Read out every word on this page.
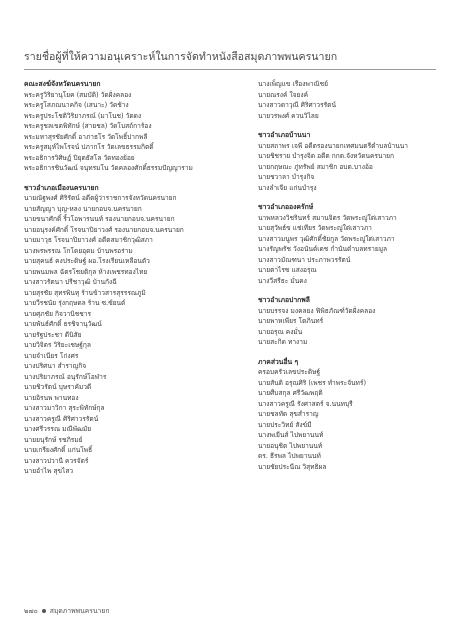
รายชื่อผู้ที่ให้ความอนุเคราะห์ในการจัดทำหนังสือสมุดภาพพนครนายก
คณะสงฆ์จังหวัดนครนายก
พระครูวิริยานุโยค (สมบัติ) วัดฝั่งคลอง
พระครูโสภณนาคกิจ (เสนาะ) วัดช้าง
พระครูประโชติวิริยาภรณ์ (มาโนช) วัดดง
พระครูชลเขตพิทักษ์ (สายชล) วัดโบสถ์การ้อง
พระมหาสุรชัยศักดิ์ อาภาธโร วัดโพธิ์ปากพลี
พระครูสมุห์ไพโรจน์ ปภากโร วัดเลขธรรมกิตติ์
พระอธิการวิศิษฏ์ ปิยุตธัสโล วัดทองย้อย
พระอธิการชินวัฒน์ จนุทรมโน วัดคลองศักดิ์ธรรมปัญญาราม
ชาวอำเภอเมืองนครนายก
นายณัฐพงศ์ ศิริรัตน์ อดีตผู้ว่าราชการจังหวัดนครนายก
นายสัญญา บุญ-หลง นายกอบจ.นครนายก
นายขนาศักดิ์ ริ้วโอพารนนท์ รองนายกอบจ.นครนายก
นายอนุรงค์ศักดิ์ โรจนาปิยาวงศ์ รองนายกอบจ.นครนายก
นายมาวุธ โรจนาปิยาวงศ์ อดีตสมาชิกวุฒิสภา
นางพรพรรณ โกโดยอุดม บ้านพรอร่าม
นายสุคนธ์ คงประดิษฐ์ ผอ.โรงเรียนเหลือนตัว
นายพนมพล ฉัตรโชยติกุล ห้างเพชรทองไทย
นางสาวรัตนา ปรีชาวุฒิ บ้านกังฉี
นายสุรชัย สุทรพินทุ ร้านข้าวสารสุรรรณภูมิ
นายวีรชนัย รุ่งกฤษดล ร้าน ซ.ซ์ยนต์
นายศุภชัย กิจวานิชชาร
นายพันธ์ศักดิ์ ธรชิจานุวัฒน์
นายรัฐประชา ดีนิสัย
นายวิจิตร วิริยะเชษฐ์กุล
นายจำเนียร โก่งศร
นางปริศนา สำราญกิจ
นางปริยาภรณ์ อนุรักษ์โอฬาร
นายชิวรัตน์ บุษราคัมวดี
นายอิรนพ พานทอง
นางสาวมาวิกา สุระพิทักษ์กุล
นางสาวครูณี ศิริศาวรรัตน์
นางศรีวรรณ มณีพัฒมัย
นายยนุรักษ์ รชภิรมย์
นายเกรียงศักดิ์ แก่นโพธิ์
นางสาวปวานี ควรจัตร์
นายอำไพ สุขไสว
นางเพ็ญแข เรืองพาณิชย์
นายณรงค์ ใจยงค์
นางสาวดาวุณี ศิริศาวรรัตน์
นายวรพงศ์ ควนวิไลย
ชาวอำเภอบ้านนา
นายสถาพร เจพี อดีตรองนายกเทศมนตรีตำบลบ้านนา
นายชิชราย บำรุงจิต อดีต กกต.จังหวัดนครนายก
นายกฤษณะ ภู่ทรัพย์ สมาชิก อบต.บางอ้อ
นายชวาลา บำรุงกิจ
นางลำเจีย แก่นบำรุง
ชาวอำเภอองครักษ์
นาพหลวงวิชรินทร์ สมานจิตร วัดพระญู่ใต่เสาวภา
นายสุวัพธ์ข แช่เทียร วัดพระญู่ใต่เสาวภา
นางสาวมนูพร วุฒิศักดิ์ชัยกูล วัดพระญู่ใต่เสาวภา
นางรัญพรัช วังอนันต์เดช กำนันตำบลทรายมูล
นางสาวมัณฑนา ประภาพวรรัตน์
นายตาไรซ แสงอรุณ
นางวีสรีธะ มั่นคง
ชาวอำเภอปากพลี
นายบรรจง มงคลยง ฟิพิธภัณฑ์วัดฝั่งคลอง
นายพาหเพียร โดภินทร์
นายอรุณ คงมั่น
นายสะกิด ทางาม
ภาคส่วนอื่น ๆ
ครอบครัวเลขประดิษฐ์
นายสันติ อรุณศิริ (เพชร ทำพระจันทร์)
นายศืบสกุล ศรีวัฒพฤติ
นางสาวครูณี รังศาสตร์ จ.นนทบุรี
นายชลทัด สุขสำราญ
นายประวิทย์ สังข์มี
นางพเยีนส์ ไปพยานนท์
นายอนุชิต ไปพยานนท์
ดร. ธีรพล ไปพยานนท์
นายชัยประนีณ วิสุทธิผล
๒๗๐ สมุดภาพพนครนายก
